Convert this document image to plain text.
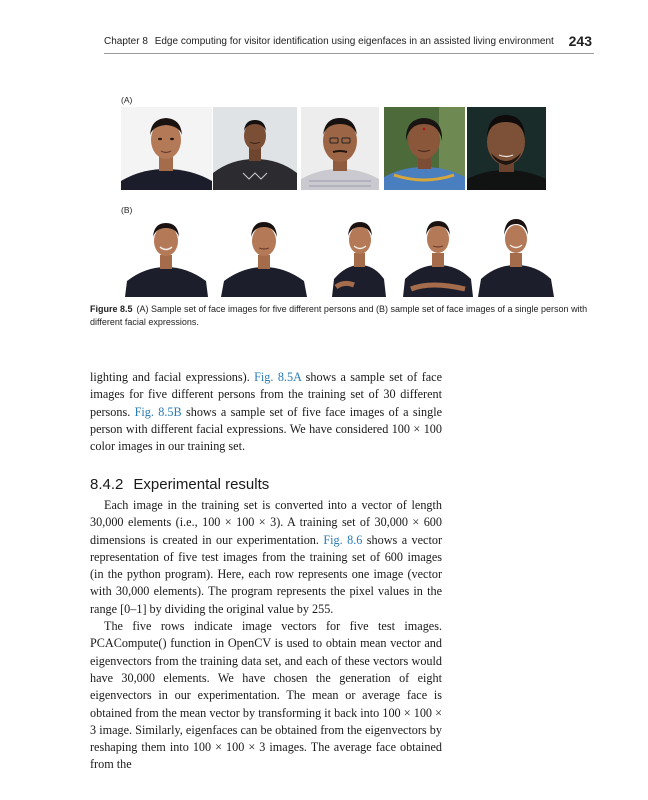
Chapter 8 Edge computing for visitor identification using eigenfaces in an assisted living environment 243
(A)
(B)
Figure 8.5 (A) Sample set of face images for five different persons and (B) sample set of face images of a single person with different facial expressions.

lighting and facial expressions). Fig. 8.5A shows a sample set of face images for five different persons from the training set of 30 different persons. Fig. 8.5B shows a sample set of five face images of a single person with different facial expressions. We have considered 100 × 100 color images in our training set.

8.4.2 Experimental results

Each image in the training set is converted into a vector of length 30,000 elements (i.e., 100 × 100 × 3). A training set of 30,000 × 600 dimensions is created in our experimentation. Fig. 8.6 shows a vector representation of five test images from the training set of 600 images (in the python program). Here, each row represents one image (vector with 30,000 elements). The program represents the pixel values in the range [0–1] by dividing the original value by 255.

The five rows indicate image vectors for five test images. PCACompute() function in OpenCV is used to obtain mean vector and eigenvectors from the training data set, and each of these vectors would have 30,000 elements. We have chosen the generation of eight eigenvectors in our experimentation. The mean or average face is obtained from the mean vector by transforming it back into 100 × 100 × 3 image. Similarly, eigenfaces can be obtained from the eigenvectors by reshaping them into 100 × 100 × 3 images. The average face obtained from the
